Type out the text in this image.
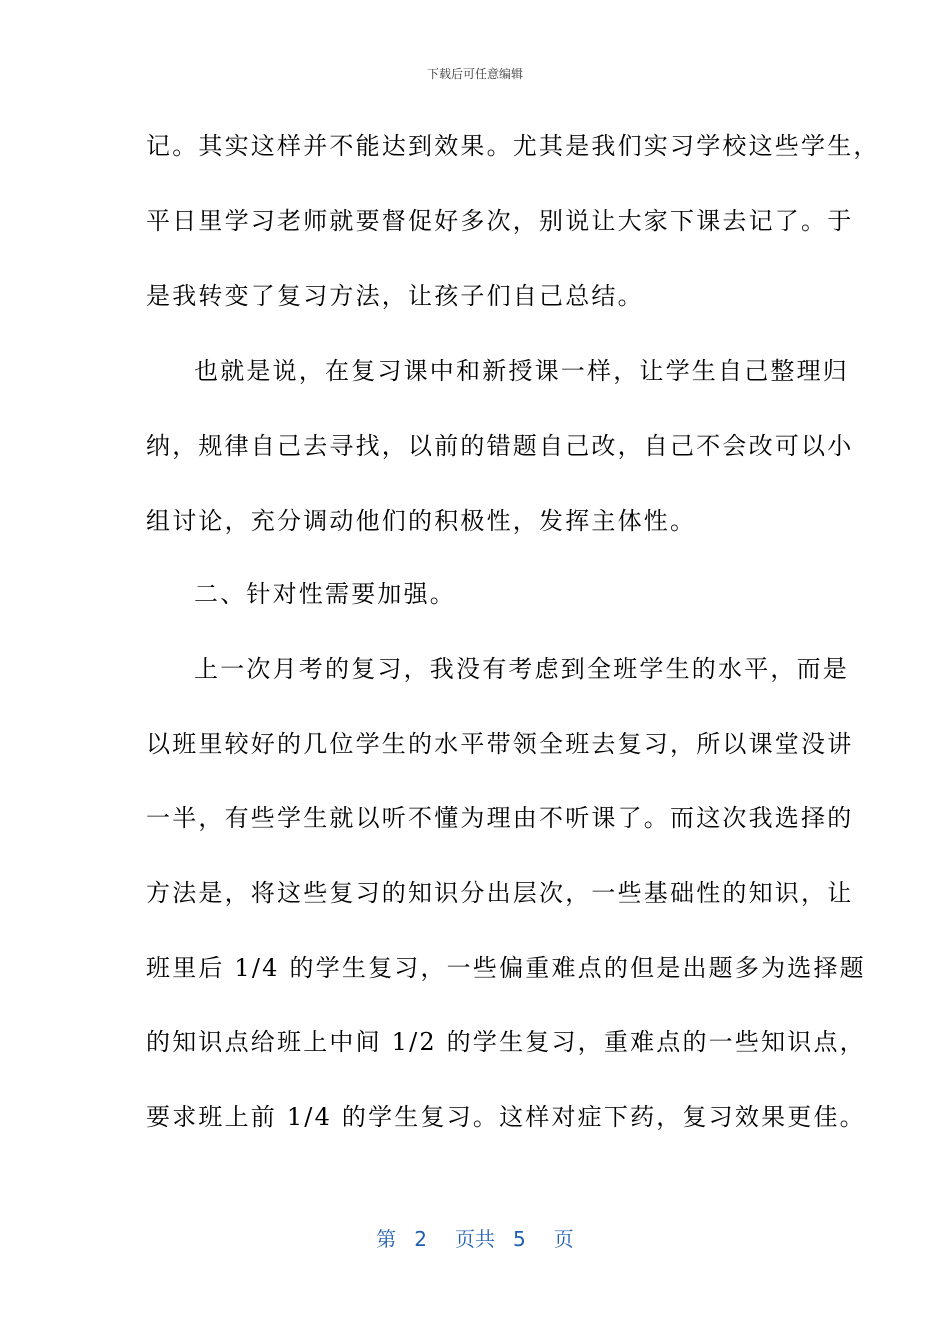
下载后可任意编辑
记。其实这样并不能达到效果。尤其是我们实习学校这些学生，
平日里学习老师就要督促好多次，别说让大家下课去记了。于
是我转变了复习方法，让孩子们自己总结。
也就是说，在复习课中和新授课一样，让学生自己整理归
纳，规律自己去寻找，以前的错题自己改，自己不会改可以小
组讨论，充分调动他们的积极性，发挥主体性。
二、针对性需要加强。
上一次月考的复习，我没有考虑到全班学生的水平，而是
以班里较好的几位学生的水平带领全班去复习，所以课堂没讲
一半，有些学生就以听不懂为理由不听课了。而这次我选择的
方法是，将这些复习的知识分出层次，一些基础性的知识，让
班里后 1/4 的学生复习，一些偏重难点的但是出题多为选择题
的知识点给班上中间 1/2 的学生复习，重难点的一些知识点，
要求班上前 1/4 的学生复习。这样对症下药，复习效果更佳。
第 2 页共 5 页
